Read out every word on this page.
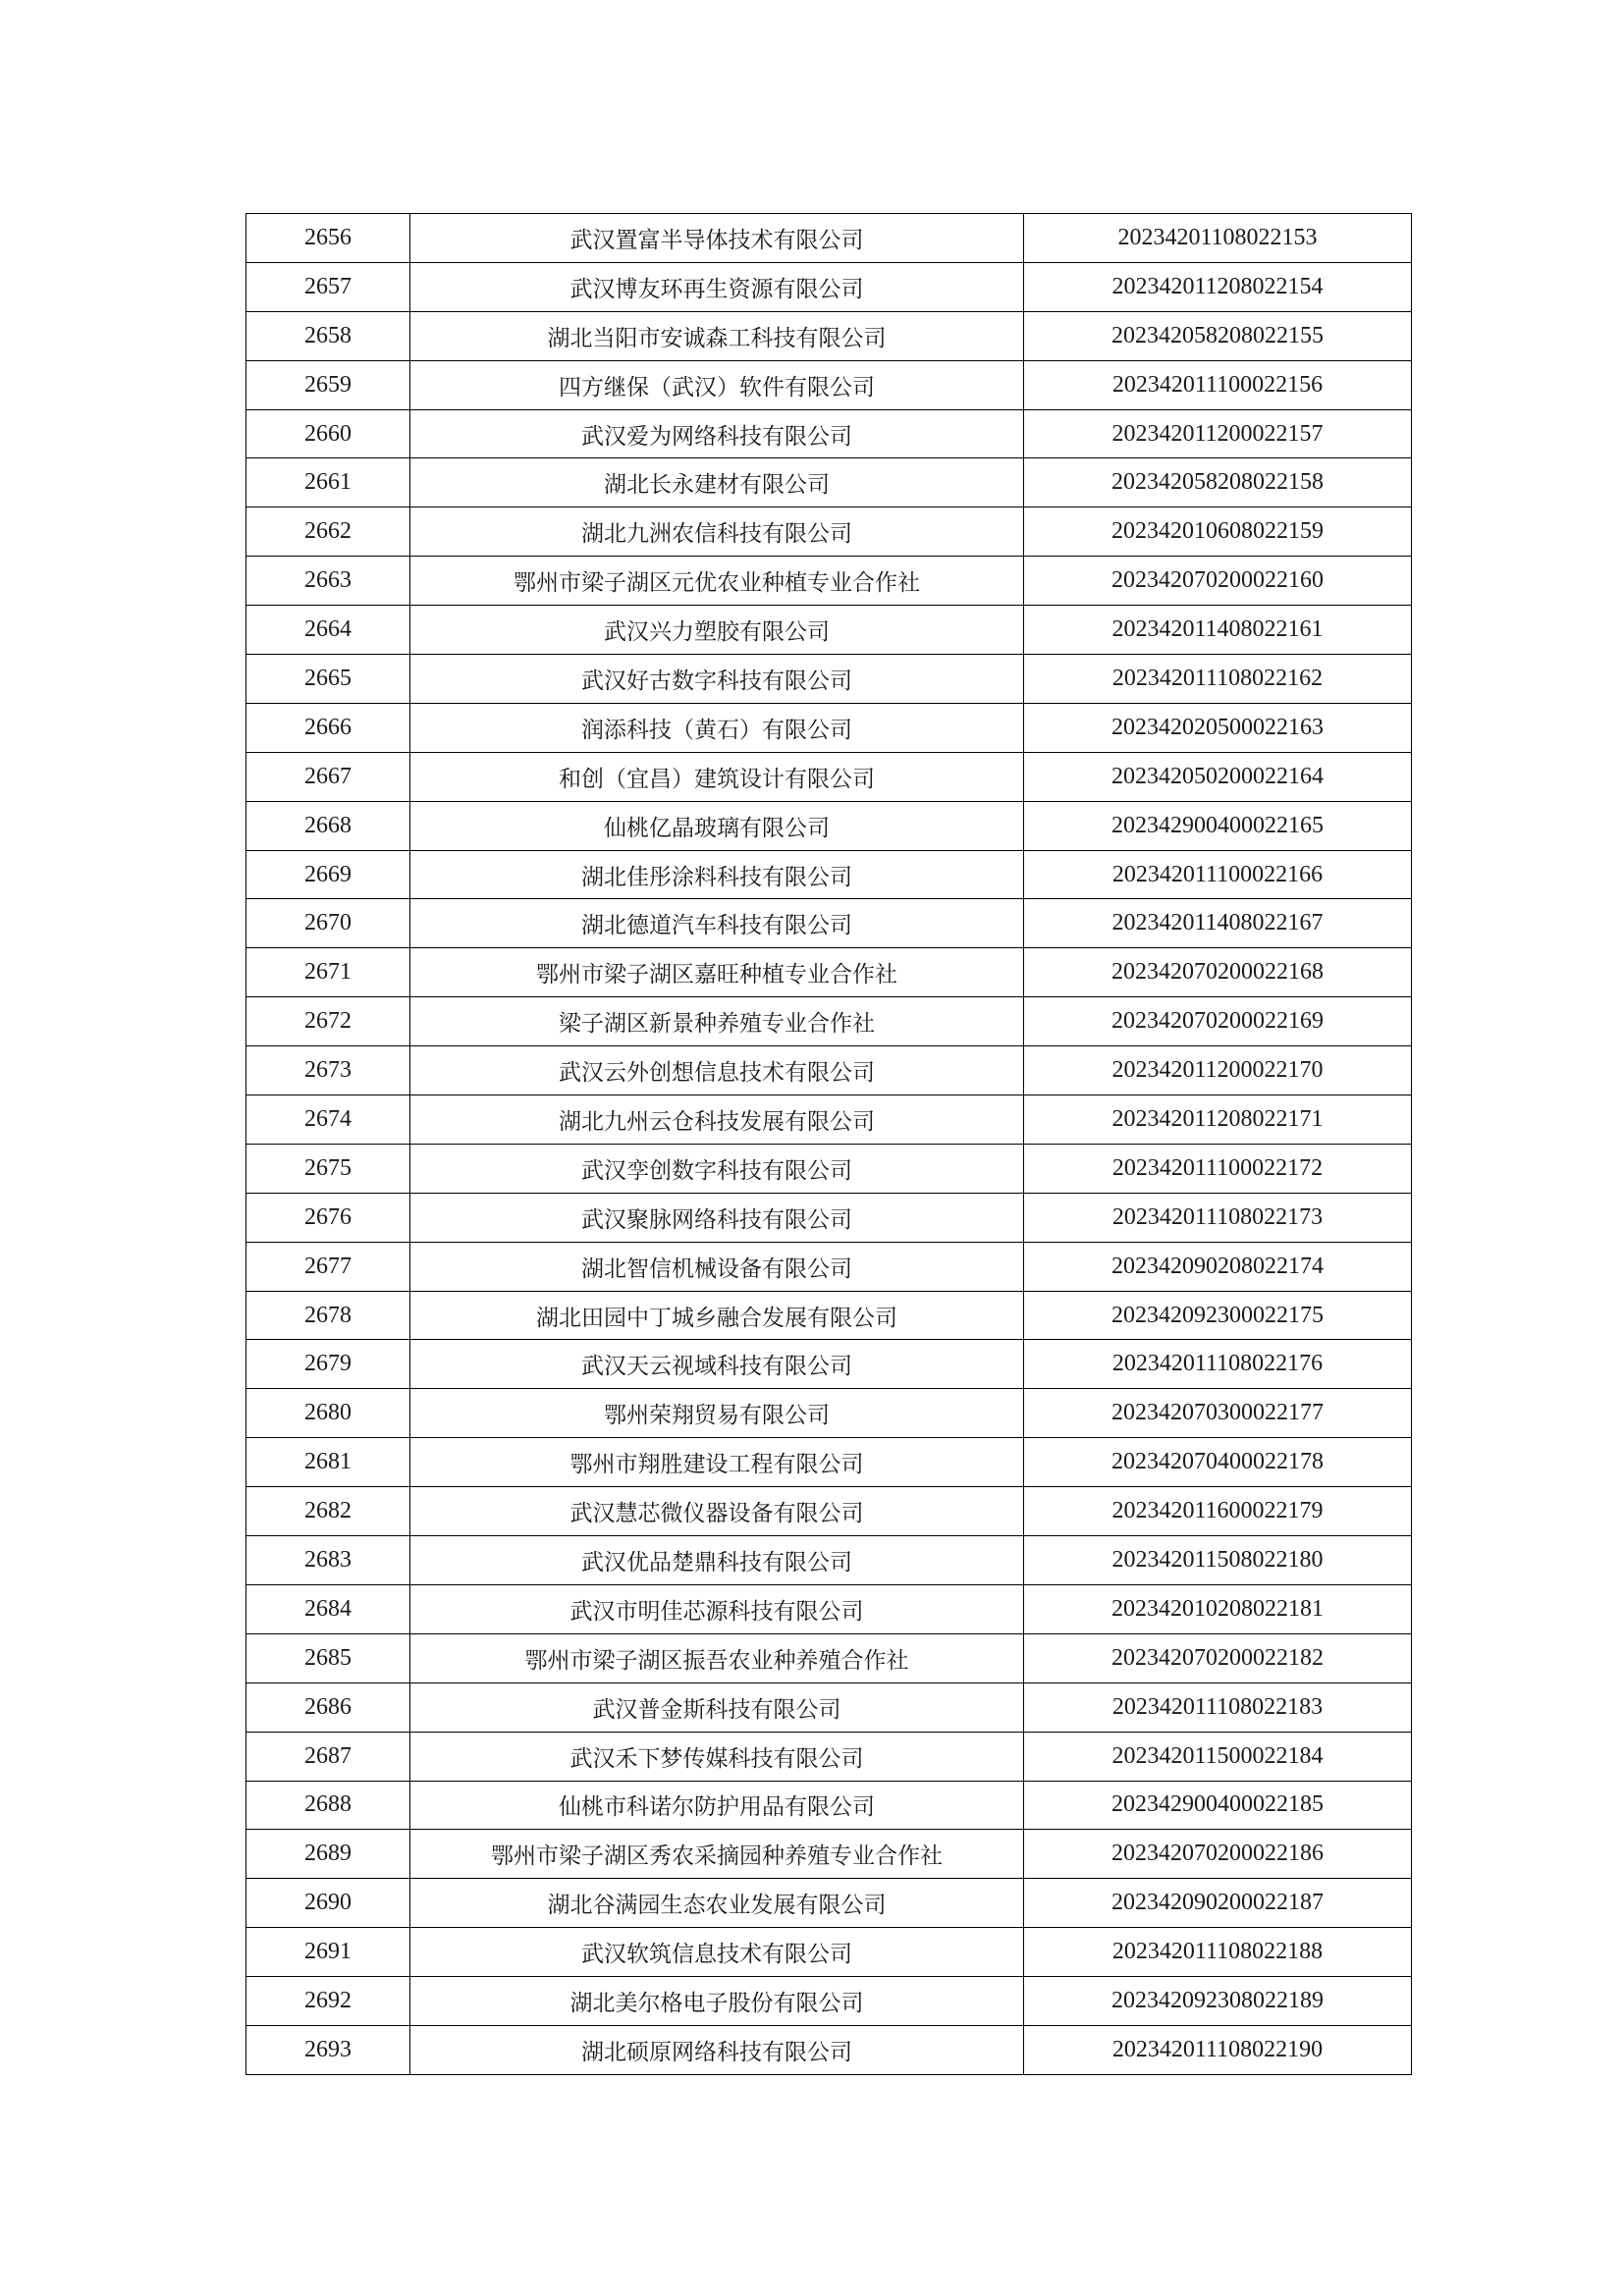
2656	武汉置富半导体技术有限公司	20234201108022153
2657	武汉博友环再生资源有限公司	202342011208022154
2658	湖北当阳市安诚森工科技有限公司	202342058208022155
2659	四方继保（武汉）软件有限公司	202342011100022156
2660	武汉爱为网络科技有限公司	202342011200022157
2661	湖北长永建材有限公司	202342058208022158
2662	湖北九洲农信科技有限公司	202342010608022159
2663	鄂州市梁子湖区元优农业种植专业合作社	202342070200022160
2664	武汉兴力塑胶有限公司	202342011408022161
2665	武汉好古数字科技有限公司	202342011108022162
2666	润添科技（黄石）有限公司	202342020500022163
2667	和创（宜昌）建筑设计有限公司	202342050200022164
2668	仙桃亿晶玻璃有限公司	202342900400022165
2669	湖北佳彤涂料科技有限公司	202342011100022166
2670	湖北德道汽车科技有限公司	202342011408022167
2671	鄂州市梁子湖区嘉旺种植专业合作社	202342070200022168
2672	梁子湖区新景种养殖专业合作社	202342070200022169
2673	武汉云外创想信息技术有限公司	202342011200022170
2674	湖北九州云仓科技发展有限公司	202342011208022171
2675	武汉孪创数字科技有限公司	202342011100022172
2676	武汉聚脉网络科技有限公司	202342011108022173
2677	湖北智信机械设备有限公司	202342090208022174
2678	湖北田园中丁城乡融合发展有限公司	202342092300022175
2679	武汉天云视域科技有限公司	202342011108022176
2680	鄂州荣翔贸易有限公司	202342070300022177
2681	鄂州市翔胜建设工程有限公司	202342070400022178
2682	武汉慧芯微仪器设备有限公司	202342011600022179
2683	武汉优品楚鼎科技有限公司	202342011508022180
2684	武汉市明佳芯源科技有限公司	202342010208022181
2685	鄂州市梁子湖区振吾农业种养殖合作社	202342070200022182
2686	武汉普金斯科技有限公司	202342011108022183
2687	武汉禾下梦传媒科技有限公司	202342011500022184
2688	仙桃市科诺尔防护用品有限公司	202342900400022185
2689	鄂州市梁子湖区秀农采摘园种养殖专业合作社	202342070200022186
2690	湖北谷满园生态农业发展有限公司	202342090200022187
2691	武汉软筑信息技术有限公司	202342011108022188
2692	湖北美尔格电子股份有限公司	202342092308022189
2693	湖北硕原网络科技有限公司	202342011108022190
